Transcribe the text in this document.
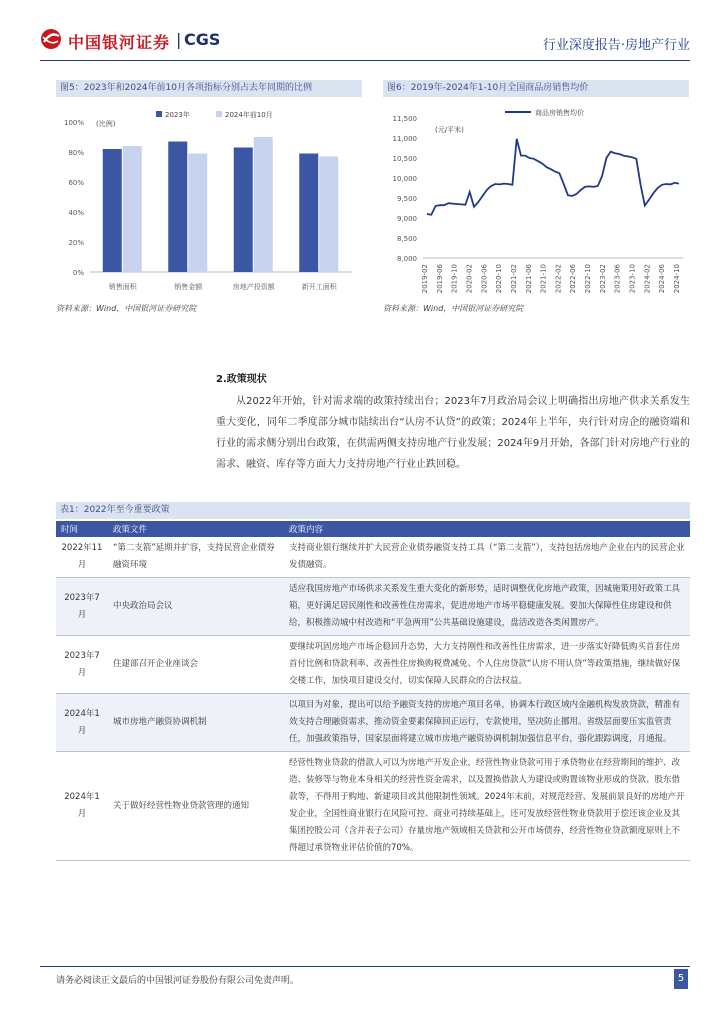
中国银河证券 | CGS	行业深度报告·房地产行业
图5：2023年和2024年前10月各项指标分别占去年同期的比例
(比例)
0%
20%
40%
60%
80%
100%
销售面积	销售金额	房地产投资额	新开工面积
2023年	2024年前10月
资料来源：Wind，中国银河证券研究院
图6：2019年-2024年1-10月全国商品房销售均价
(元/平米)
8,000
8,500
9,000
9,500
10,000
10,500
11,000
11,500
2019-02 2019-06 2019-10 2020-02 2020-06 2020-10 2021-02 2021-06 2021-10 2022-02 2022-06 2022-10 2023-02 2023-06 2023-10 2024-02 2024-06 2024-10
商品房销售均价
资料来源：Wind，中国银河证券研究院
2.政策现状

从2022年开始，针对需求端的政策持续出台；2023年7月政治局会议上明确指出房地产供求关系发生重大变化，同年二季度部分城市陆续出台“认房不认贷”的政策；2024年上半年，央行针对房企的融资端和行业的需求侧分别出台政策，在供需两侧支持房地产行业发展；2024年9月开始，各部门针对房地产行业的需求、融资、库存等方面大力支持房地产行业止跌回稳。

表1：2022年至今重要政策
时间	政策文件	政策内容
2022年11月	“第二支箭”延期并扩容，支持民营企业债券融资环境	支持商业银行继续并扩大民营企业债券融资支持工具（“第二支箭”），支持包括房地产企业在内的民营企业发债融资。
2023年7月	中央政治局会议	适应我国房地产市场供求关系发生重大变化的新形势，适时调整优化房地产政策，因城施策用好政策工具箱，更好满足居民刚性和改善性住房需求，促进房地产市场平稳健康发展。要加大保障性住房建设和供给，积极推动城中村改造和“平急两用”公共基础设施建设，盘活改造各类闲置房产。
2023年7月	住建部召开企业座谈会	要继续巩固房地产市场企稳回升态势，大力支持刚性和改善性住房需求，进一步落实好降低购买首套住房首付比例和贷款利率、改善性住房换购税费减免、个人住房贷款“认房不用认贷”等政策措施，继续做好保交楼工作，加快项目建设交付，切实保障人民群众的合法权益。
2024年1月	城市房地产融资协调机制	以项目为对象，提出可以给予融资支持的房地产项目名单，协调本行政区域内金融机构发放贷款，精准有效支持合理融资需求，推动资金要素保障回正运行，专款使用，坚决防止挪用。省级层面要压实监管责任，加强政策指导，国家层面将建立城市房地产融资协调机制加强信息平台，强化跟踪调度，月通报。
2024年1月	关于做好经营性物业贷款管理的通知	经营性物业贷款的借款人可以为房地产开发企业，经营性物业贷款可用于承贷物业在经营期间的维护、改造、装修等与物业本身相关的经营性资金需求，以及置换借款人为建设或购置该物业形成的贷款、股东借款等，不得用于购地、新建项目或其他限制性领域。2024年末前，对规范经营、发展前景良好的房地产开发企业，全国性商业银行在风险可控、商业可持续基础上，还可发放经营性物业贷款用于偿还该企业及其集团控股公司（含并表子公司）存量房地产领域相关贷款和公开市场债券，经营性物业贷款额度原则上不得超过承贷物业评估价值的70%。
请务必阅读正文最后的中国银河证券股份有限公司免责声明。	5
